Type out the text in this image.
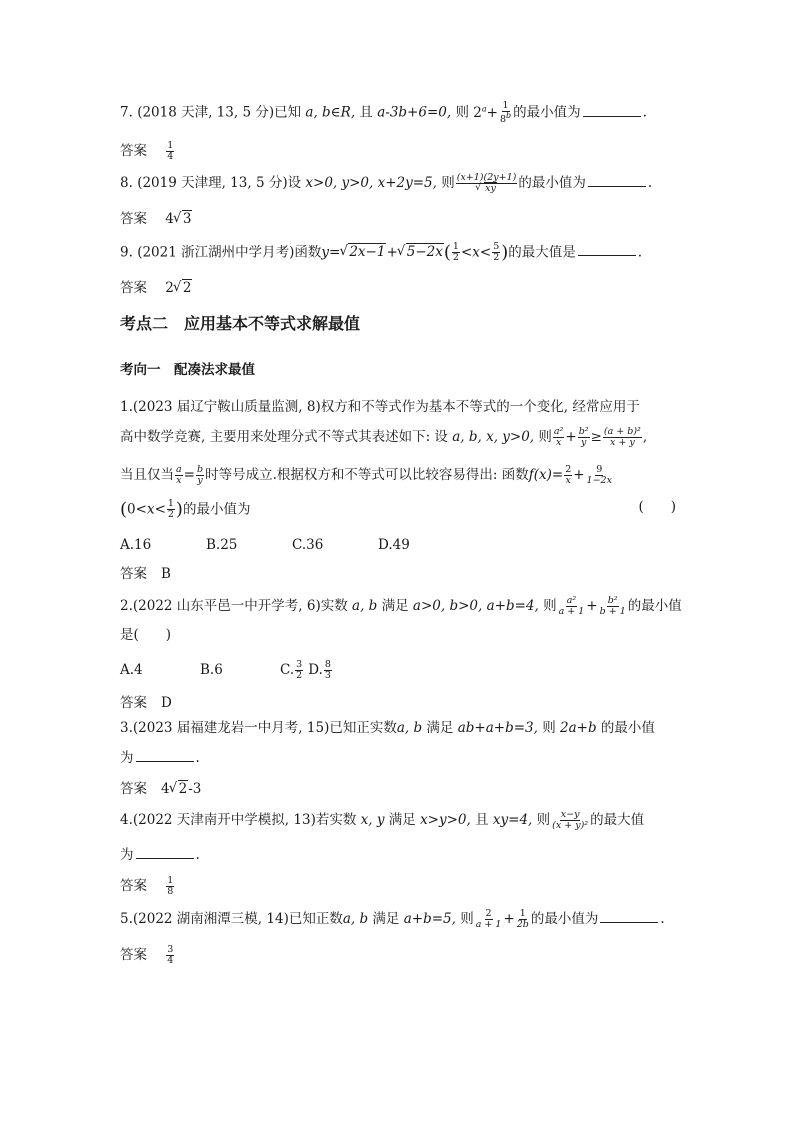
7. (2018 天津, 13, 5 分)已知 a, b∈R, 且 a-3b+6=0, 则 $2^a+ \frac{1}{8^b}$ 的最小值为	.
答案 $\frac{1}{4}$
8. (2019 天津理, 13, 5 分)设 x>0, y>0, x+2y=5, 则 (x+1)(2y+1)
√ xy 的最小值为	.
答案 4 √ 3
9. (2021 浙江湖州中学月考)函数y= √ 2x−1+ √ $5-2x( \frac{1}{2} <x< \frac{5}{2}$ )的最大值是	.
答案 2 √ 2
考点二　应用基本不等式求解最值
考向一　配凑法求最值
1.(2023 届辽宁鞍山质量监测, 8)权方和不等式作为基本不等式的一个变化, 经常应用于
高中数学竞赛, 主要用来处理分式不等式其表述如下: 设 a, b, x, y>0, 则 $\frac{\text{a²}}{x} + \frac{\text{b²}}{y} \ge \frac{\text{(a + b)²}}{x + y}$ ,
当且仅当 $\frac{a}{x} = \frac{b}{y}$ 时等号成立.根据权方和不等式可以比较容易得出: 函数$f(x)= \frac{2}{x} + \frac{9}{1-2x}$
($0<x< \frac{1}{2}$ )的最小值为	(　　)
A.16	B.25	C.36	D.49
答案 B
2.(2022 山东平邑一中开学考, 6)实数 a, b 满足 a>0, b>0, a+b=4, 则 $\frac{\text{a²}}{a + 1} + \frac{\text{b²}}{b + 1}$ 的最小值
是(　　)
A.4	B.6	C. $\frac{3}{2} D$. $\frac{8}{3}$
答案 D
3.(2023 届福建龙岩一中月考, 15)已知正实数a, b 满足 ab+a+b=3, 则 2a+b 的最小值
为	.
答案 4 √ 2-3
4.(2022 天津南开中学模拟, 13)若实数 x, y 满足 x>y>0, 且 xy=4, 则 $\frac{x-y}{\text{(x + y)²}}$ 的最大值
为	.
答案 $\frac{1}{8}$
5.(2022 湖南湘潭三模, 14)已知正数a, b 满足 a+b=5, 则 $\frac{2}{a + 1} + \frac{1}{2b}$ 的最小值为	.
答案 $\frac{3}{4}$
